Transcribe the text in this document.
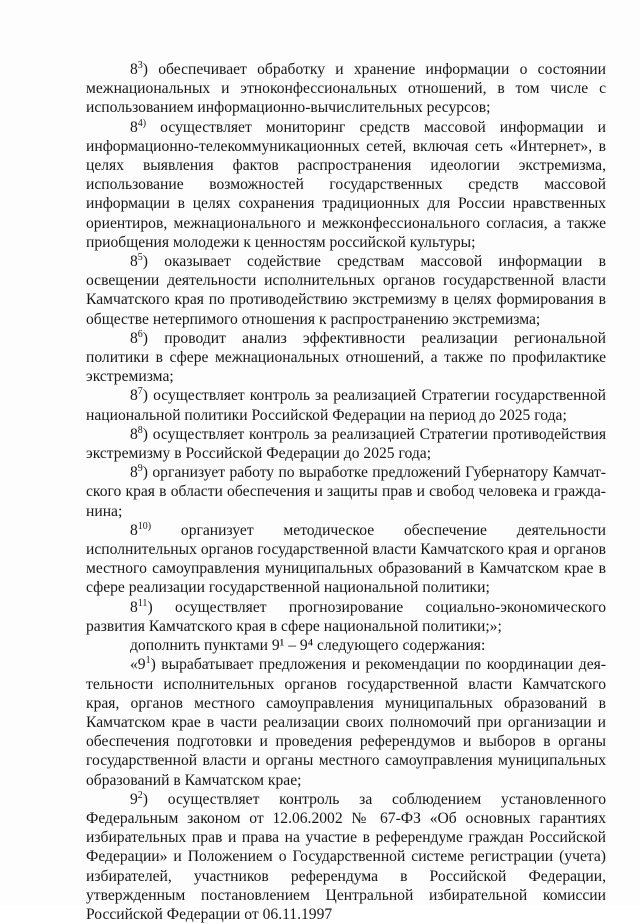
$8^3$) обеспечивает обработку и хранение информации о состоянии межнациональных и этноконфессиональных отношений, в том числе с использованием информационно-вычислительных ресурсов;

8$^{4)}$ осуществляет мониторинг средств массовой информации и информационно-телекоммуникационных сетей, включая сеть «Интернет», в целях выявления фактов распространения идеологии экстремизма, использование возможностей государственных средств массовой информации в целях сохранения традиционных для России нравственных ориентиров, межнационального и межконфессионального согласия, а также приобщения молодежи к ценностям российской культуры;

$8^5$) оказывает содействие средствам массовой информации в освещении деятельности исполнительных органов государственной власти Камчатского края по противодействию экстремизму в целях формирования в обществе нетерпимого отношения к распространению экстремизма;

$8^6$) проводит анализ эффективности реализации региональной политики в сфере межнациональных отношений, а также по профилактике экстремизма;

$8^7$) осуществляет контроль за реализацией Стратегии государственной национальной политики Российской Федерации на период до 2025 года;

$8^8$) осуществляет контроль за реализацией Стратегии противодействия экстремизму в Российской Федерации до 2025 года;

$8^9$) организует работу по выработке предложений Губернатору Камчатского края в области обеспечения и защиты прав и свобод человека и гражданина;

8$^{10)}$ организует методическое обеспечение деятельности исполнительных органов государственной власти Камчатского края и органов местного самоуправления муниципальных образований в Камчатском крае в сфере реализации государственной национальной политики;

$8^{11}$) осуществляет прогнозирование социально-экономического развития Камчатского края в сфере национальной политики;»;

дополнить пунктами 9¹ – 9⁴ следующего содержания:

«$9^1$) вырабатывает предложения и рекомендации по координации деятельности исполнительных органов государственной власти Камчатского края, органов местного самоуправления муниципальных образований в Камчатском крае в части реализации своих полномочий при организации и обеспечения подготовки и проведения референдумов и выборов в органы государственной власти и органы местного самоуправления муниципальных образований в Камчатском крае;

$9^2$) осуществляет контроль за соблюдением установленного Федеральным законом от 12.06.2002 № 67-ФЗ «Об основных гарантиях избирательных прав и права на участие в референдуме граждан Российской Федерации» и Положением о Государственной системе регистрации (учета) избирателей, участников референдума в Российской Федерации, утвержденным постановлением Центральной избирательной комиссии Российской Федерации от 06.11.1997
